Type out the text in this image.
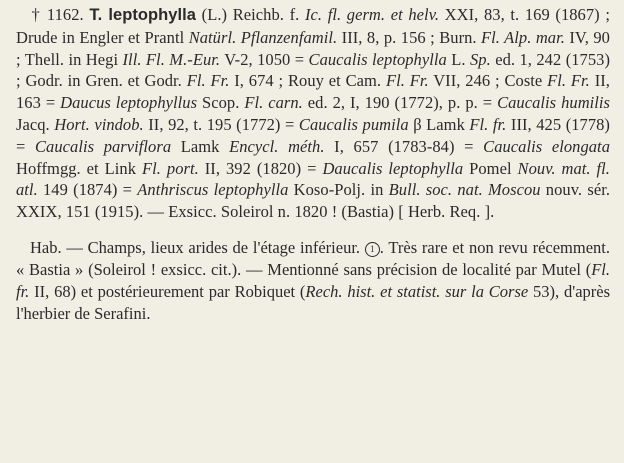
† 1162. T. leptophylla (L.) Reichb. f. Ic. fl. germ. et helv. XXI, 83, t. 169 (1867) ; Drude in Engler et Prantl Natürl. Pflanzenfamil. III, 8, p. 156 ; Burn. Fl. Alp. mar. IV, 90 ; Thell. in Hegi Ill. Fl. M.-Eur. V-2, 1050 = Caucalis leptophylla L. Sp. ed. 1, 242 (1753) ; Godr. in Gren. et Godr. Fl. Fr. I, 674 ; Rouy et Cam. Fl. Fr. VII, 246 ; Coste Fl. Fr. II, 163 = Daucus leptophyllus Scop. Fl. carn. ed. 2, I, 190 (1772), p. p. = Caucalis humilis Jacq. Hort. vindob. II, 92, t. 195 (1772) = Caucalis pumila β Lamk Fl. fr. III, 425 (1778) = Caucalis parviflora Lamk Encycl. méth. I, 657 (1783-84) = Caucalis elongata Hoffmgg. et Link Fl. port. II, 392 (1820) = Daucalis leptophylla Pomel Nouv. mat. fl. atl. 149 (1874) = Anthriscus leptophylla Koso-Polj. in Bull. soc. nat. Moscou nouv. sér. XXIX, 151 (1915). — Exsicc. Soleirol n. 1820 ! (Bastia) [ Herb. Req. ].
Hab. — Champs, lieux arides de l'étage inférieur. 1 . Très rare et non revu récemment. « Bastia » (Soleirol ! exsicc. cit.). — Mentionné sans précision de localité par Mutel (Fl. fr. II, 68) et postérieurement par Robiquet (Rech. hist. et statist. sur la Corse 53), d'après l'herbier de Serafini.
